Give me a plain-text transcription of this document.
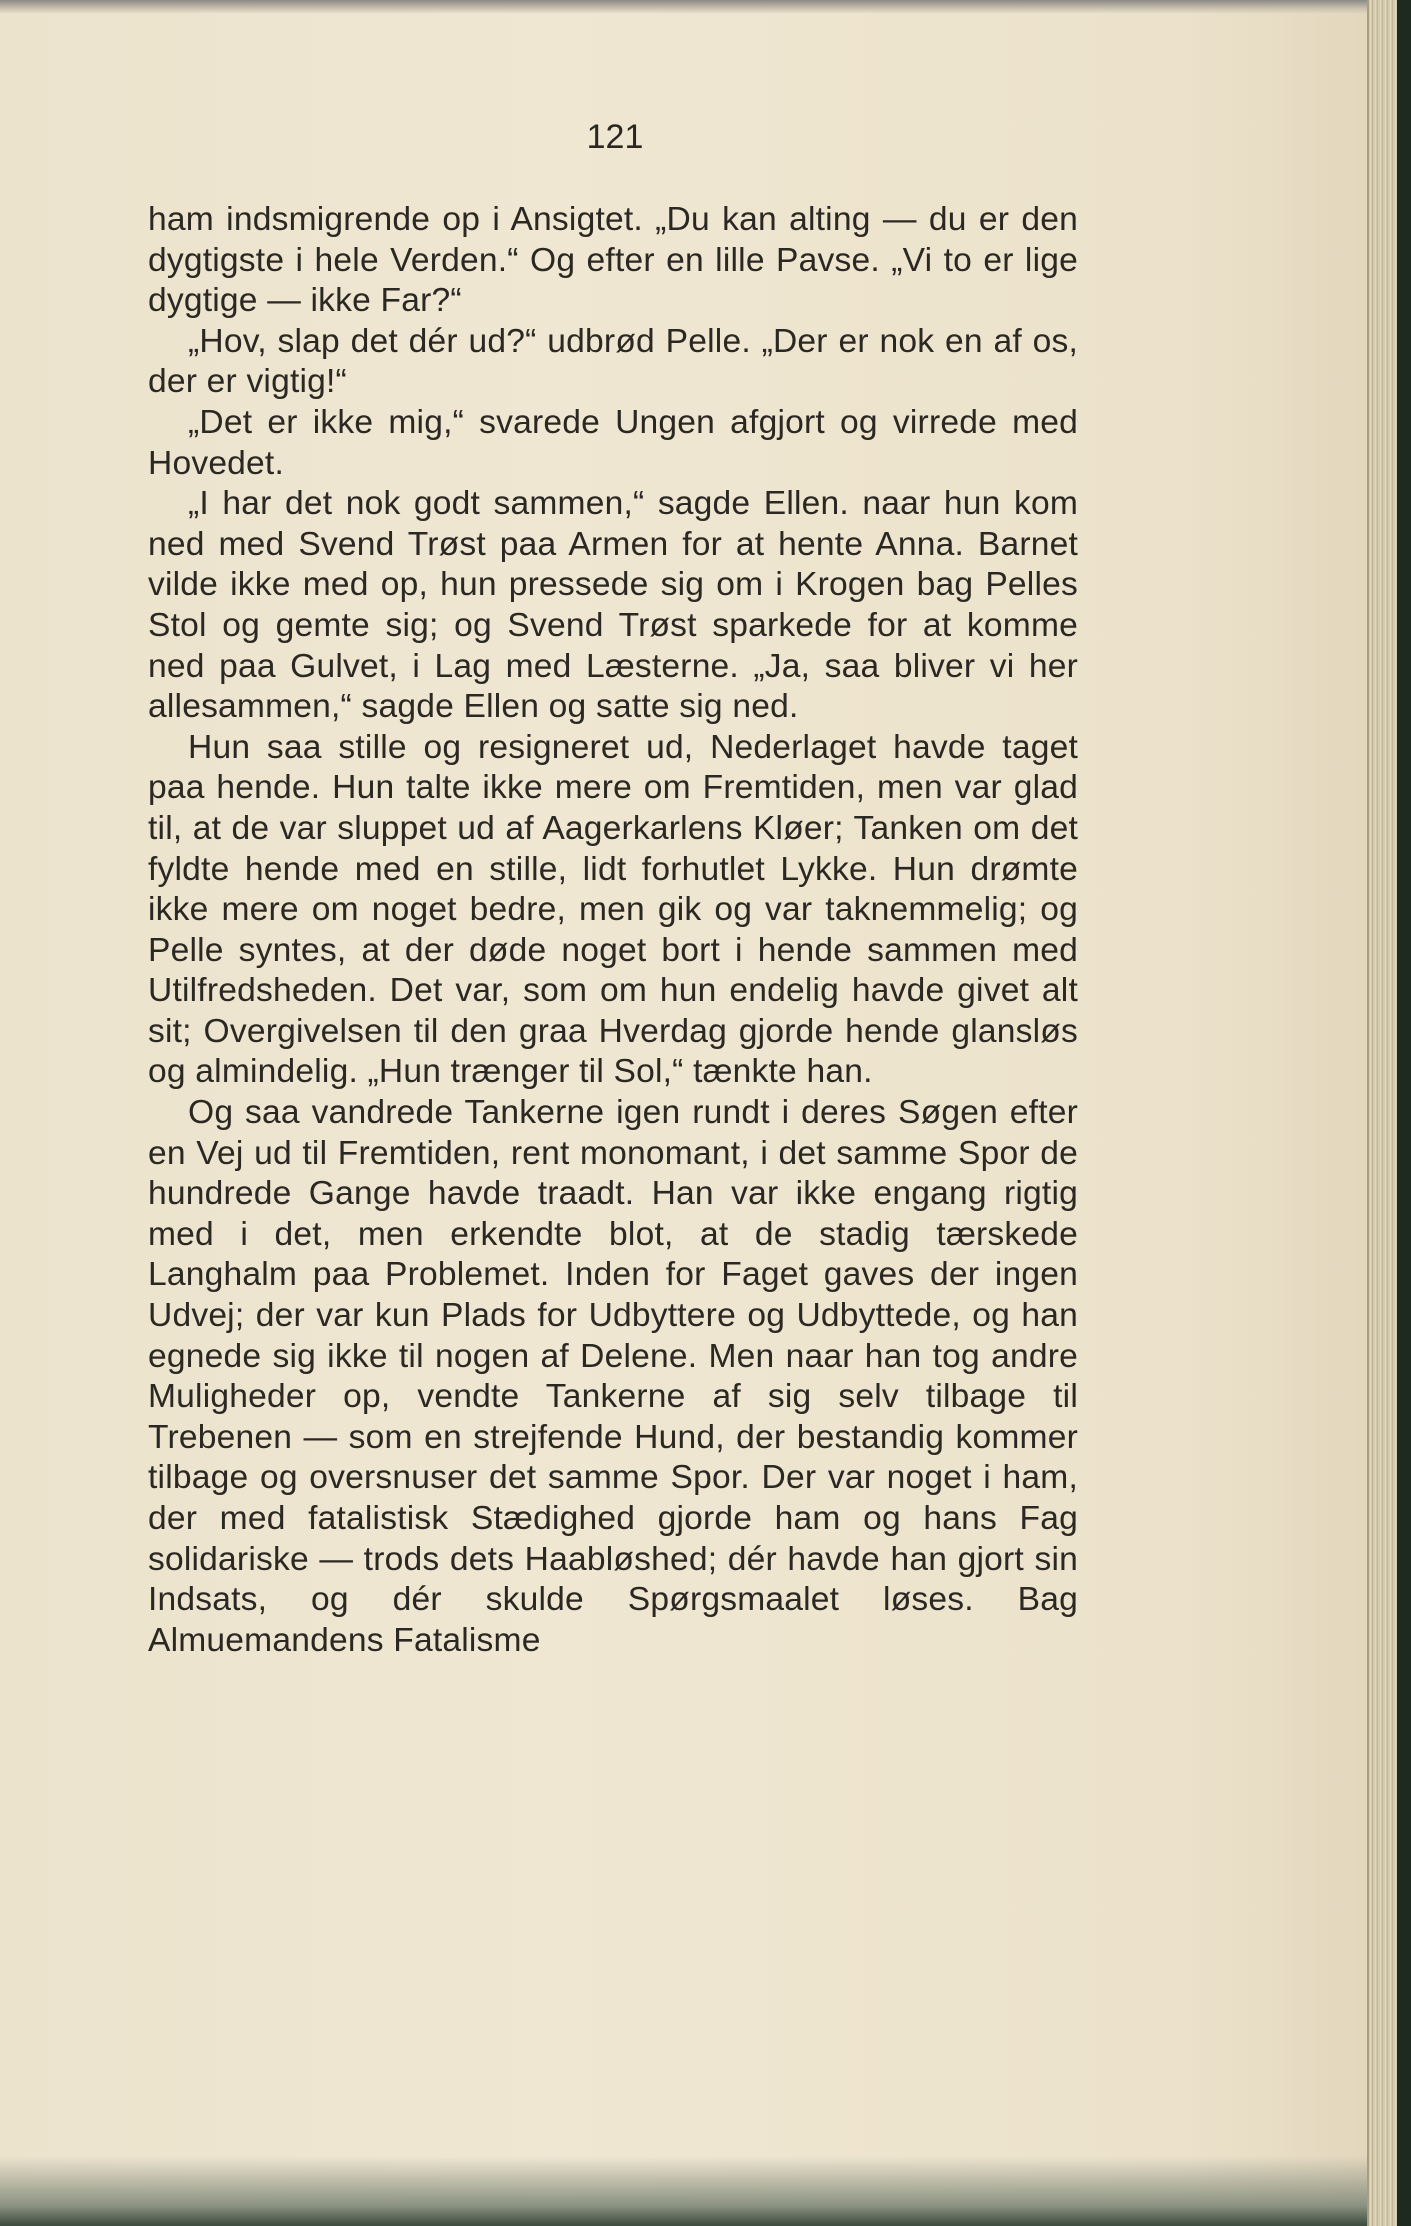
121

ham indsmigrende op i Ansigtet. „Du kan alting — du er den dygtigste i hele Verden.“ Og efter en lille Pavse. „Vi to er lige dygtige — ikke Far?“

„Hov, slap det dér ud?“ udbrød Pelle. „Der er nok en af os, der er vigtig!“

„Det er ikke mig,“ svarede Ungen afgjort og virrede med Hovedet.

„I har det nok godt sammen,“ sagde Ellen. naar hun kom ned med Svend Trøst paa Armen for at hente Anna. Barnet vilde ikke med op, hun pressede sig om i Krogen bag Pelles Stol og gemte sig; og Svend Trøst sparkede for at komme ned paa Gulvet, i Lag med Læsterne. „Ja, saa bliver vi her allesammen,“ sagde Ellen og satte sig ned.

Hun saa stille og resigneret ud, Nederlaget havde taget paa hende. Hun talte ikke mere om Fremtiden, men var glad til, at de var sluppet ud af Aagerkarlens Kløer; Tanken om det fyldte hende med en stille, lidt forhutlet Lykke. Hun drømte ikke mere om noget bedre, men gik og var taknemmelig; og Pelle syntes, at der døde noget bort i hende sammen med Utilfredsheden. Det var, som om hun endelig havde givet alt sit; Overgivelsen til den graa Hverdag gjorde hende glansløs og almindelig. „Hun trænger til Sol,“ tænkte han.

Og saa vandrede Tankerne igen rundt i deres Søgen efter en Vej ud til Fremtiden, rent monomant, i det samme Spor de hundrede Gange havde traadt. Han var ikke engang rigtig med i det, men erkendte blot, at de stadig tærskede Langhalm paa Problemet. Inden for Faget gaves der ingen Udvej; der var kun Plads for Udbyttere og Udbyttede, og han egnede sig ikke til nogen af Delene. Men naar han tog andre Muligheder op, vendte Tankerne af sig selv tilbage til Trebenen — som en strejfende Hund, der bestandig kommer tilbage og oversnuser det samme Spor. Der var noget i ham, der med fatalistisk Stædighed gjorde ham og hans Fag solidariske — trods dets Haabløshed; dér havde han gjort sin Indsats, og dér skulde Spørgsmaalet løses. Bag Almuemandens Fatalisme
